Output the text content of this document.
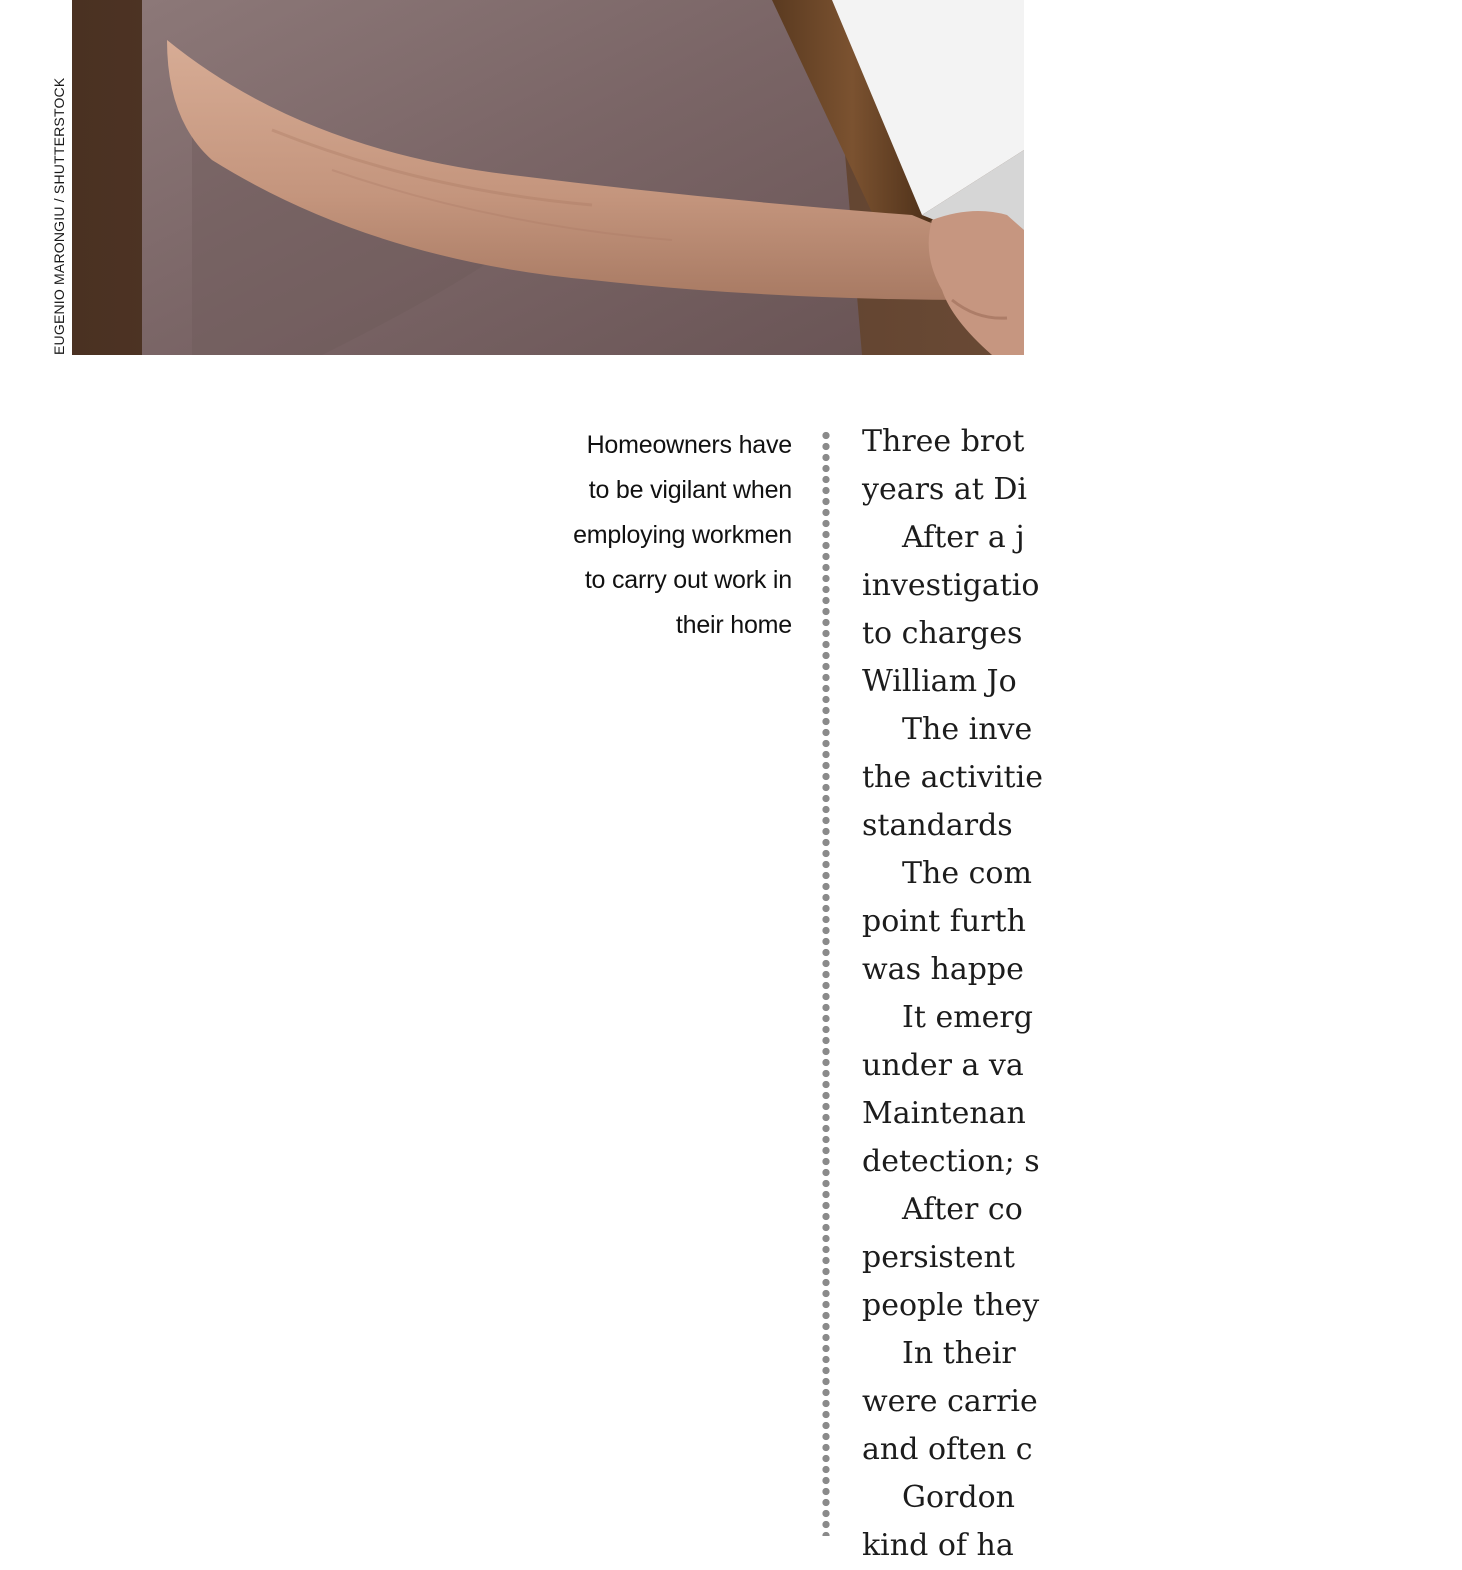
EUGENIO MARONGIU / SHUTTERSTOCK
Homeowners have
to be vigilant when
employing workmen
to carry out work in
their home
Three brot
years at Di
After a j
investigatio
to charges
William Jo
The inve
the activitie
standards
The com
point furth
was happe
It emerg
under a va
Maintenan
detection; s
After co
persistent
people they
In their
were carrie
and often c
Gordon
kind of ha
